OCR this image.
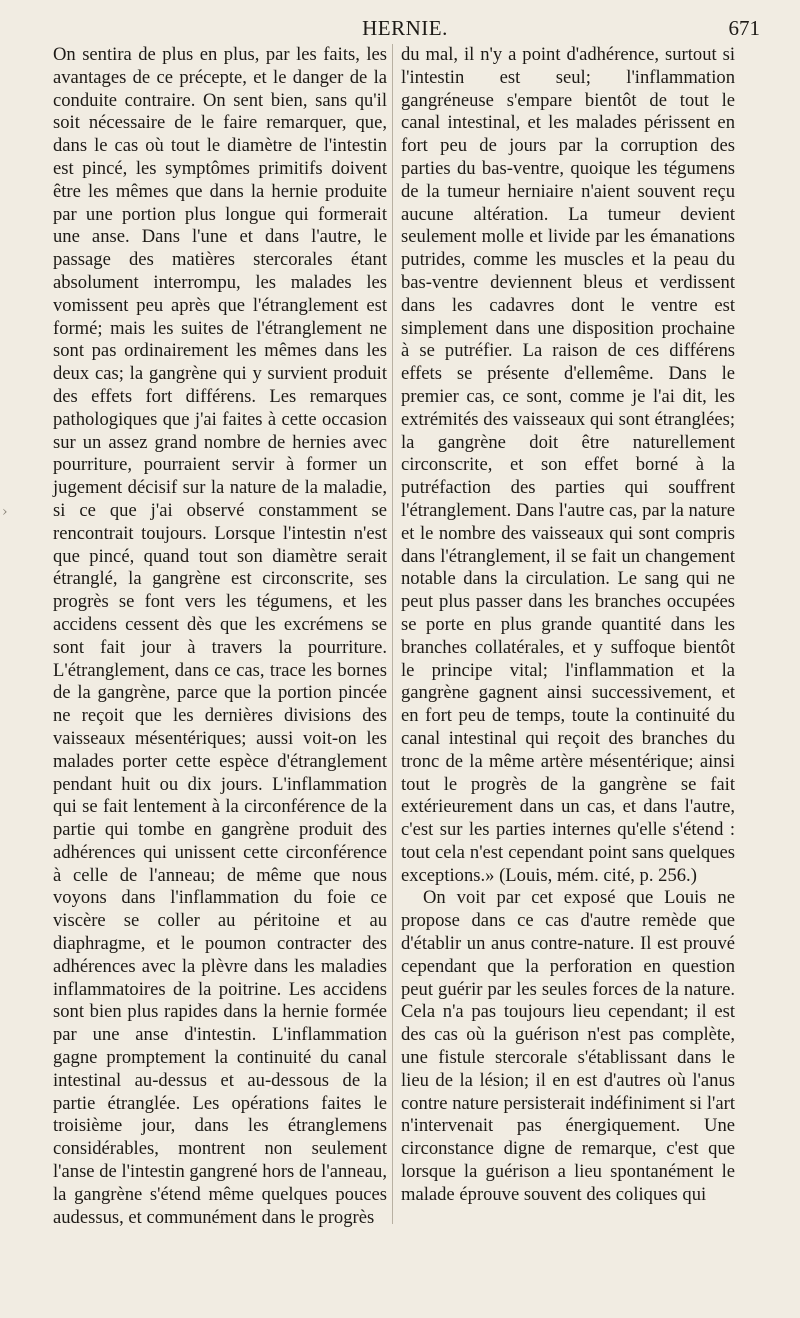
HERNIE.	671
›

On sentira de plus en plus, par les faits, les avantages de ce précepte, et le danger de la conduite contraire. On sent bien, sans qu'il soit nécessaire de le faire remarquer, que, dans le cas où tout le diamètre de l'intestin est pincé, les symptômes primitifs doivent être les mêmes que dans la hernie produite par une portion plus longue qui formerait une anse. Dans l'une et dans l'autre, le passage des matières stercorales étant absolument interrompu, les malades les vomissent peu après que l'étranglement est formé; mais les suites de l'étranglement ne sont pas ordinairement les mêmes dans les deux cas; la gangrène qui y survient produit des effets fort différens. Les remarques pathologiques que j'ai faites à cette occasion sur un assez grand nombre de hernies avec pourriture, pourraient servir à former un jugement décisif sur la nature de la maladie, si ce que j'ai observé constamment se rencontrait toujours. Lorsque l'intestin n'est que pincé, quand tout son diamètre serait étranglé, la gangrène est circonscrite, ses progrès se font vers les tégumens, et les accidens cessent dès que les excrémens se sont fait jour à travers la pourriture. L'étranglement, dans ce cas, trace les bornes de la gangrène, parce que la portion pincée ne reçoit que les dernières divisions des vaisseaux mésentériques; aussi voit-on les malades porter cette espèce d'étranglement pendant huit ou dix jours. L'inflammation qui se fait lentement à la circonférence de la partie qui tombe en gangrène produit des adhérences qui unissent cette circonférence à celle de l'anneau; de même que nous voyons dans l'inflammation du foie ce viscère se coller au péritoine et au diaphragme, et le poumon contracter des adhérences avec la plèvre dans les maladies inflammatoires de la poitrine. Les accidens sont bien plus rapides dans la hernie formée par une anse d'intestin. L'inflammation gagne promptement la continuité du canal intestinal au-dessus et au-dessous de la partie étranglée. Les opérations faites le troisième jour, dans les étranglemens considérables, montrent non seulement l'anse de l'intestin gangrené hors de l'anneau, la gangrène s'étend même quelques pouces audessus, et communément dans le progrès

du mal, il n'y a point d'adhérence, surtout si l'intestin est seul; l'inflammation gangréneuse s'empare bientôt de tout le canal intestinal, et les malades périssent en fort peu de jours par la corruption des parties du bas-ventre, quoique les tégumens de la tumeur herniaire n'aient souvent reçu aucune altération. La tumeur devient seulement molle et livide par les émanations putrides, comme les muscles et la peau du bas-ventre deviennent bleus et verdissent dans les cadavres dont le ventre est simplement dans une disposition prochaine à se putréfier. La raison de ces différens effets se présente d'ellemême. Dans le premier cas, ce sont, comme je l'ai dit, les extrémités des vaisseaux qui sont étranglées; la gangrène doit être naturellement circonscrite, et son effet borné à la putréfaction des parties qui souffrent l'étranglement. Dans l'autre cas, par la nature et le nombre des vaisseaux qui sont compris dans l'étranglement, il se fait un changement notable dans la circulation. Le sang qui ne peut plus passer dans les branches occupées se porte en plus grande quantité dans les branches collatérales, et y suffoque bientôt le principe vital; l'inflammation et la gangrène gagnent ainsi successivement, et en fort peu de temps, toute la continuité du canal intestinal qui reçoit des branches du tronc de la même artère mésentérique; ainsi tout le progrès de la gangrène se fait extérieurement dans un cas, et dans l'autre, c'est sur les parties internes qu'elle s'étend : tout cela n'est cependant point sans quelques exceptions.» (Louis, mém. cité, p. 256.)

On voit par cet exposé que Louis ne propose dans ce cas d'autre remède que d'établir un anus contre-nature. Il est prouvé cependant que la perforation en question peut guérir par les seules forces de la nature. Cela n'a pas toujours lieu cependant; il est des cas où la guérison n'est pas complète, une fistule stercorale s'établissant dans le lieu de la lésion; il en est d'autres où l'anus contre nature persisterait indéfiniment si l'art n'intervenait pas énergiquement. Une circonstance digne de remarque, c'est que lorsque la guérison a lieu spontanément le malade éprouve souvent des coliques qui
